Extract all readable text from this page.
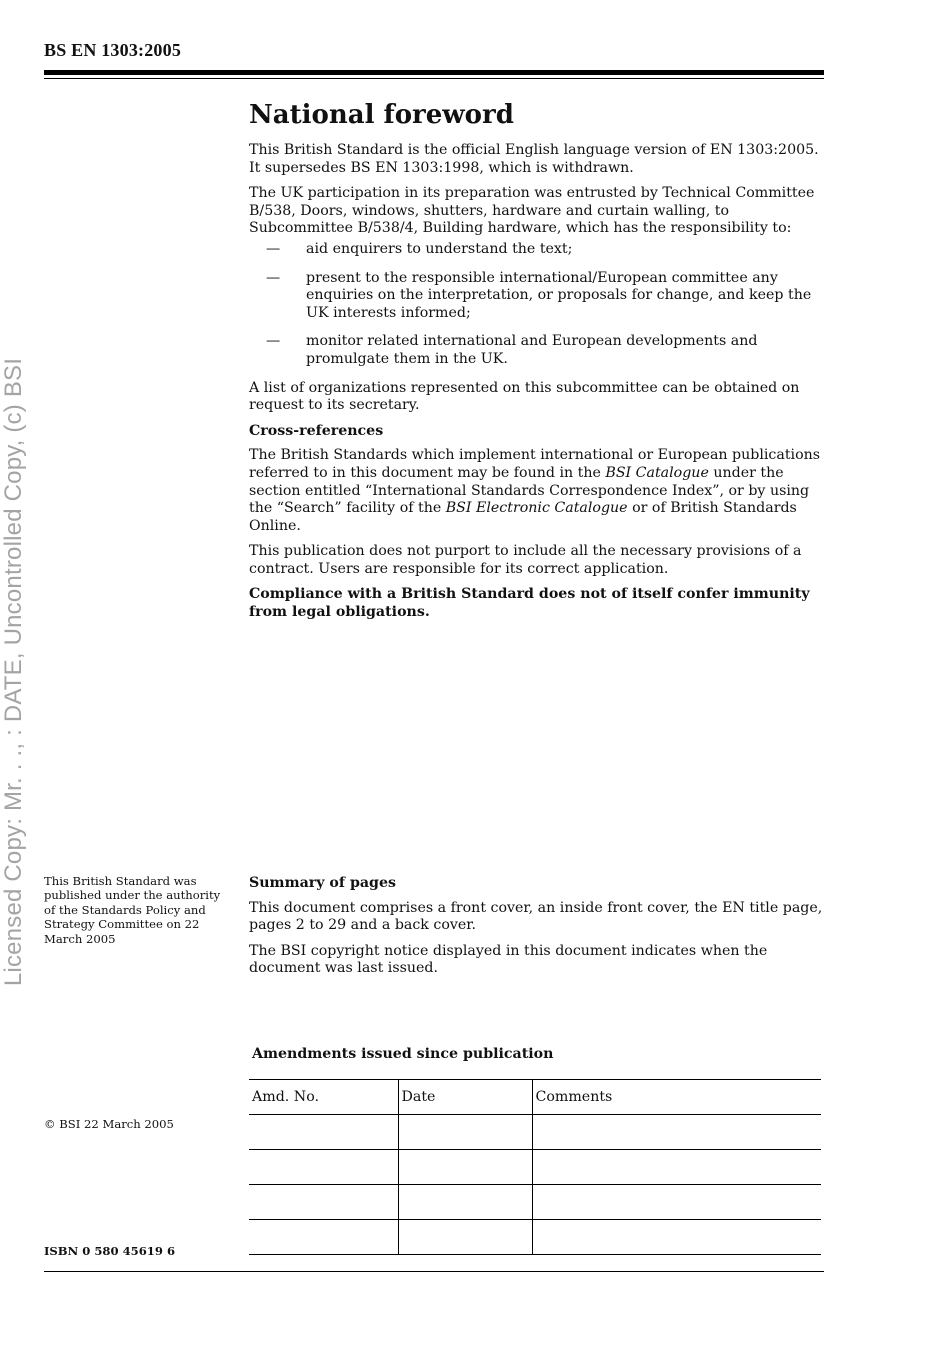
BS EN 1303:2005
Licensed Copy: Mr. . ., : DATE, Uncontrolled Copy, (c) BSI
National foreword

This British Standard is the official English language version of EN 1303:2005. It supersedes BS EN 1303:1998, which is withdrawn.

The UK participation in its preparation was entrusted by Technical Committee B/538, Doors, windows, shutters, hardware and curtain walling, to Subcommittee B/538/4, Building hardware, which has the responsibility to:

— aid enquirers to understand the text;
— present to the responsible international/European committee any enquiries on the interpretation, or proposals for change, and keep the UK interests informed;
— monitor related international and European developments and promulgate them in the UK.

A list of organizations represented on this subcommittee can be obtained on request to its secretary.

Cross-references

The British Standards which implement international or European publications referred to in this document may be found in the BSI Catalogue under the section entitled “International Standards Correspondence Index”, or by using the “Search” facility of the BSI Electronic Catalogue or of British Standards Online.

This publication does not purport to include all the necessary provisions of a contract. Users are responsible for its correct application.

Compliance with a British Standard does not of itself confer immunity from legal obligations.

This British Standard was published under the authority of the Standards Policy and Strategy Committee on 22 March 2005
Summary of pages

This document comprises a front cover, an inside front cover, the EN title page, pages 2 to 29 and a back cover.

The BSI copyright notice displayed in this document indicates when the document was last issued.

Amendments issued since publication
Amd. No.	Date	Comments

© BSI 22 March 2005
ISBN 0 580 45619 6
